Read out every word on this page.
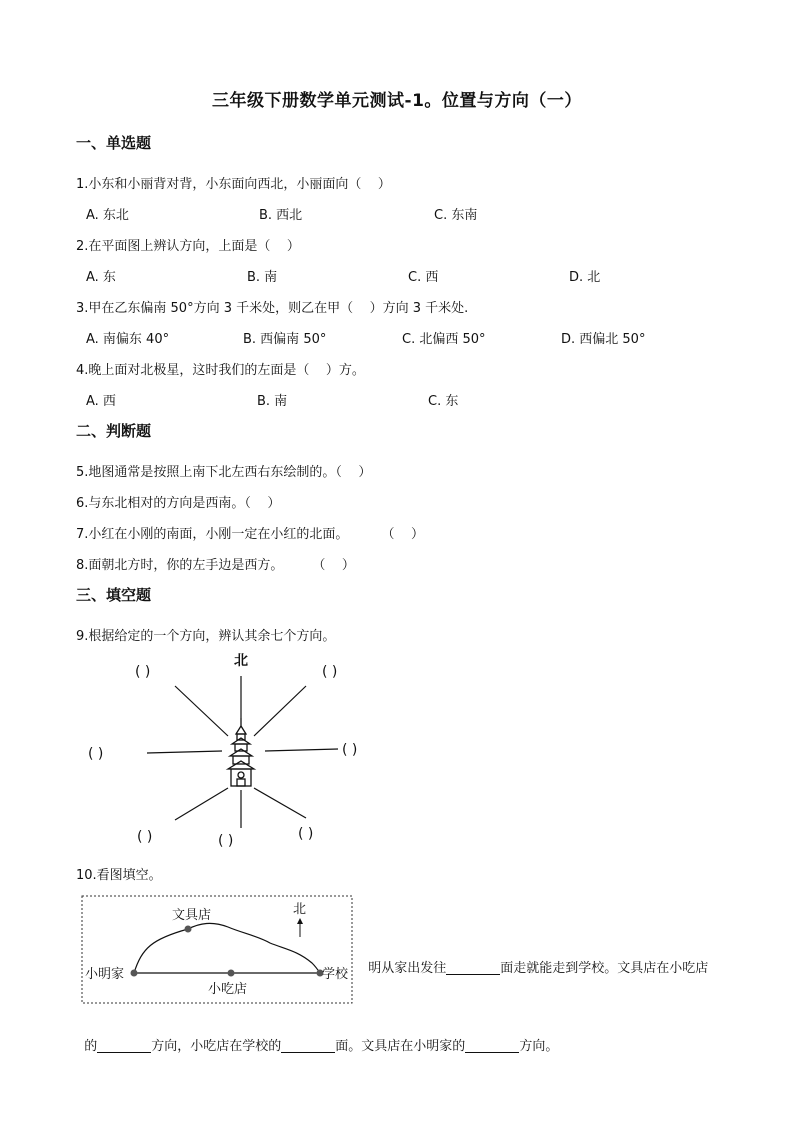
三年级下册数学单元测试-1。位置与方向（一）
一、单选题
1.小东和小丽背对背，小东面向西北，小丽面向（    ）
A. 东北	B. 西北	C. 东南
2.在平面图上辨认方向，上面是（    ）
A. 东	B. 南	C. 西	D. 北
3.甲在乙东偏南 50°方向 3 千米处，则乙在甲（    ）方向 3 千米处.
A. 南偏东 40°	B. 西偏南 50°	C. 北偏西 50°	D. 西偏北 50°
4.晚上面对北极星，这时我们的左面是（    ）方。
A. 西	B. 南	C. 东
二、判断题
5.地图通常是按照上南下北左西右东绘制的。（    ）
6.与东北相对的方向是西南。（    ）
7.小红在小刚的南面，小刚一定在小红的北面。        （    ）
8.面朝北方时，你的左手边是西方。       （    ）
三、填空题
9.根据给定的一个方向，辨认其余七个方向。
北
( )	( )
( )	( )
( )	( )	( )
10.看图填空。
文具店
小明家
小吃店
学校
北

明从家出发往	面走就能走到学校。文具店在小吃店

的	方向，小吃店在学校的	面。文具店在小明家的	方向。
